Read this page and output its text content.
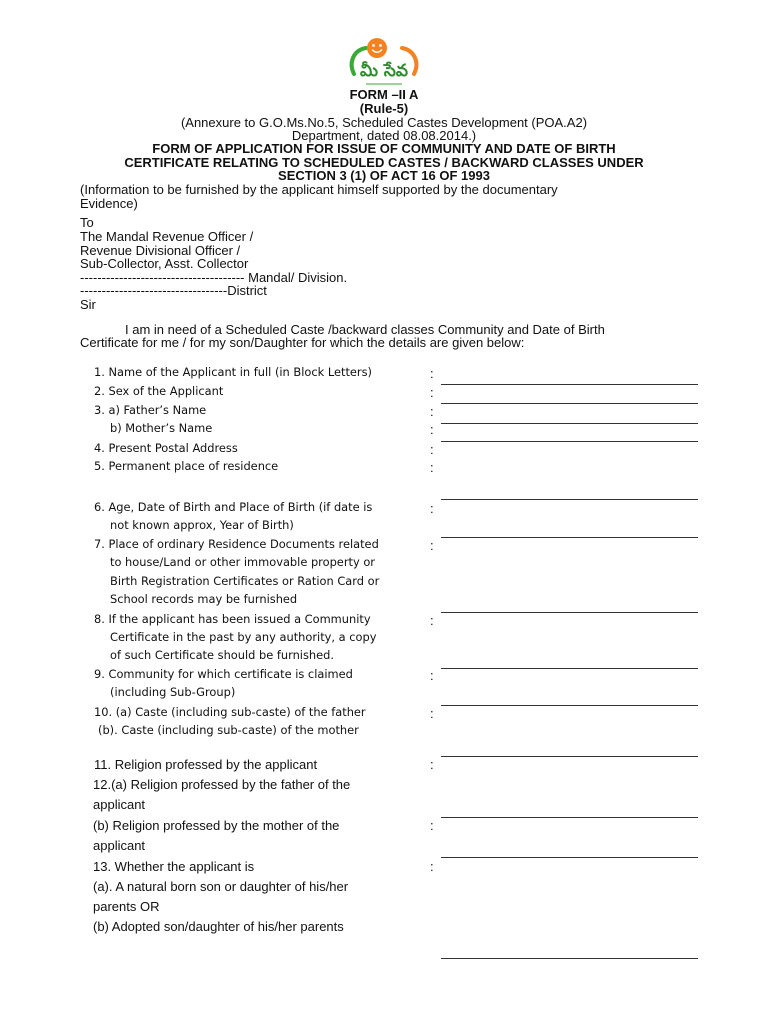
మీ సేవ
FORM –II A
(Rule-5)
(Annexure to G.O.Ms.No.5, Scheduled Castes Development (POA.A2)
Department, dated 08.08.2014.)
FORM OF APPLICATION FOR ISSUE OF COMMUNITY AND DATE OF BIRTH
CERTIFICATE RELATING TO SCHEDULED CASTES / BACKWARD CLASSES UNDER
SECTION 3 (1) OF ACT 16 OF 1993
(Information to be furnished by the applicant himself supported by the documentary
Evidence)
To
The Mandal Revenue Officer /
Revenue Divisional Officer /
Sub-Collector, Asst. Collector
-------------------------------------- Mandal/ Division.
----------------------------------District
Sir
I am in need of a Scheduled Caste /backward classes Community and Date of Birth
Certificate for me / for my son/Daughter for which the details are given below:
1. Name of the Applicant in full (in Block Letters)
2. Sex of the Applicant
3. a) Father’s Name
b) Mother’s Name
4. Present Postal Address
5. Permanent place of residence
6. Age, Date of Birth and Place of Birth (if date is
not known approx, Year of Birth)
7. Place of ordinary Residence Documents related
to house/Land or other immovable property or
Birth Registration Certificates or Ration Card or
School records may be furnished
8. If the applicant has been issued a Community
Certificate in the past by any authority, a copy
of such Certificate should be furnished.
9. Community for which certificate is claimed
(including Sub-Group)
10. (a) Caste (including sub-caste) of the father
(b). Caste (including sub-caste) of the mother
11. Religion professed by the applicant
12.(a) Religion professed by the father of the
applicant
(b) Religion professed by the mother of the
applicant
13. Whether the applicant is
(a). A natural born son or daughter of his/her
parents OR
(b) Adopted son/daughter of his/her parents
:
:
:
:
:
:
:
:
:
:
:
:
:
:
